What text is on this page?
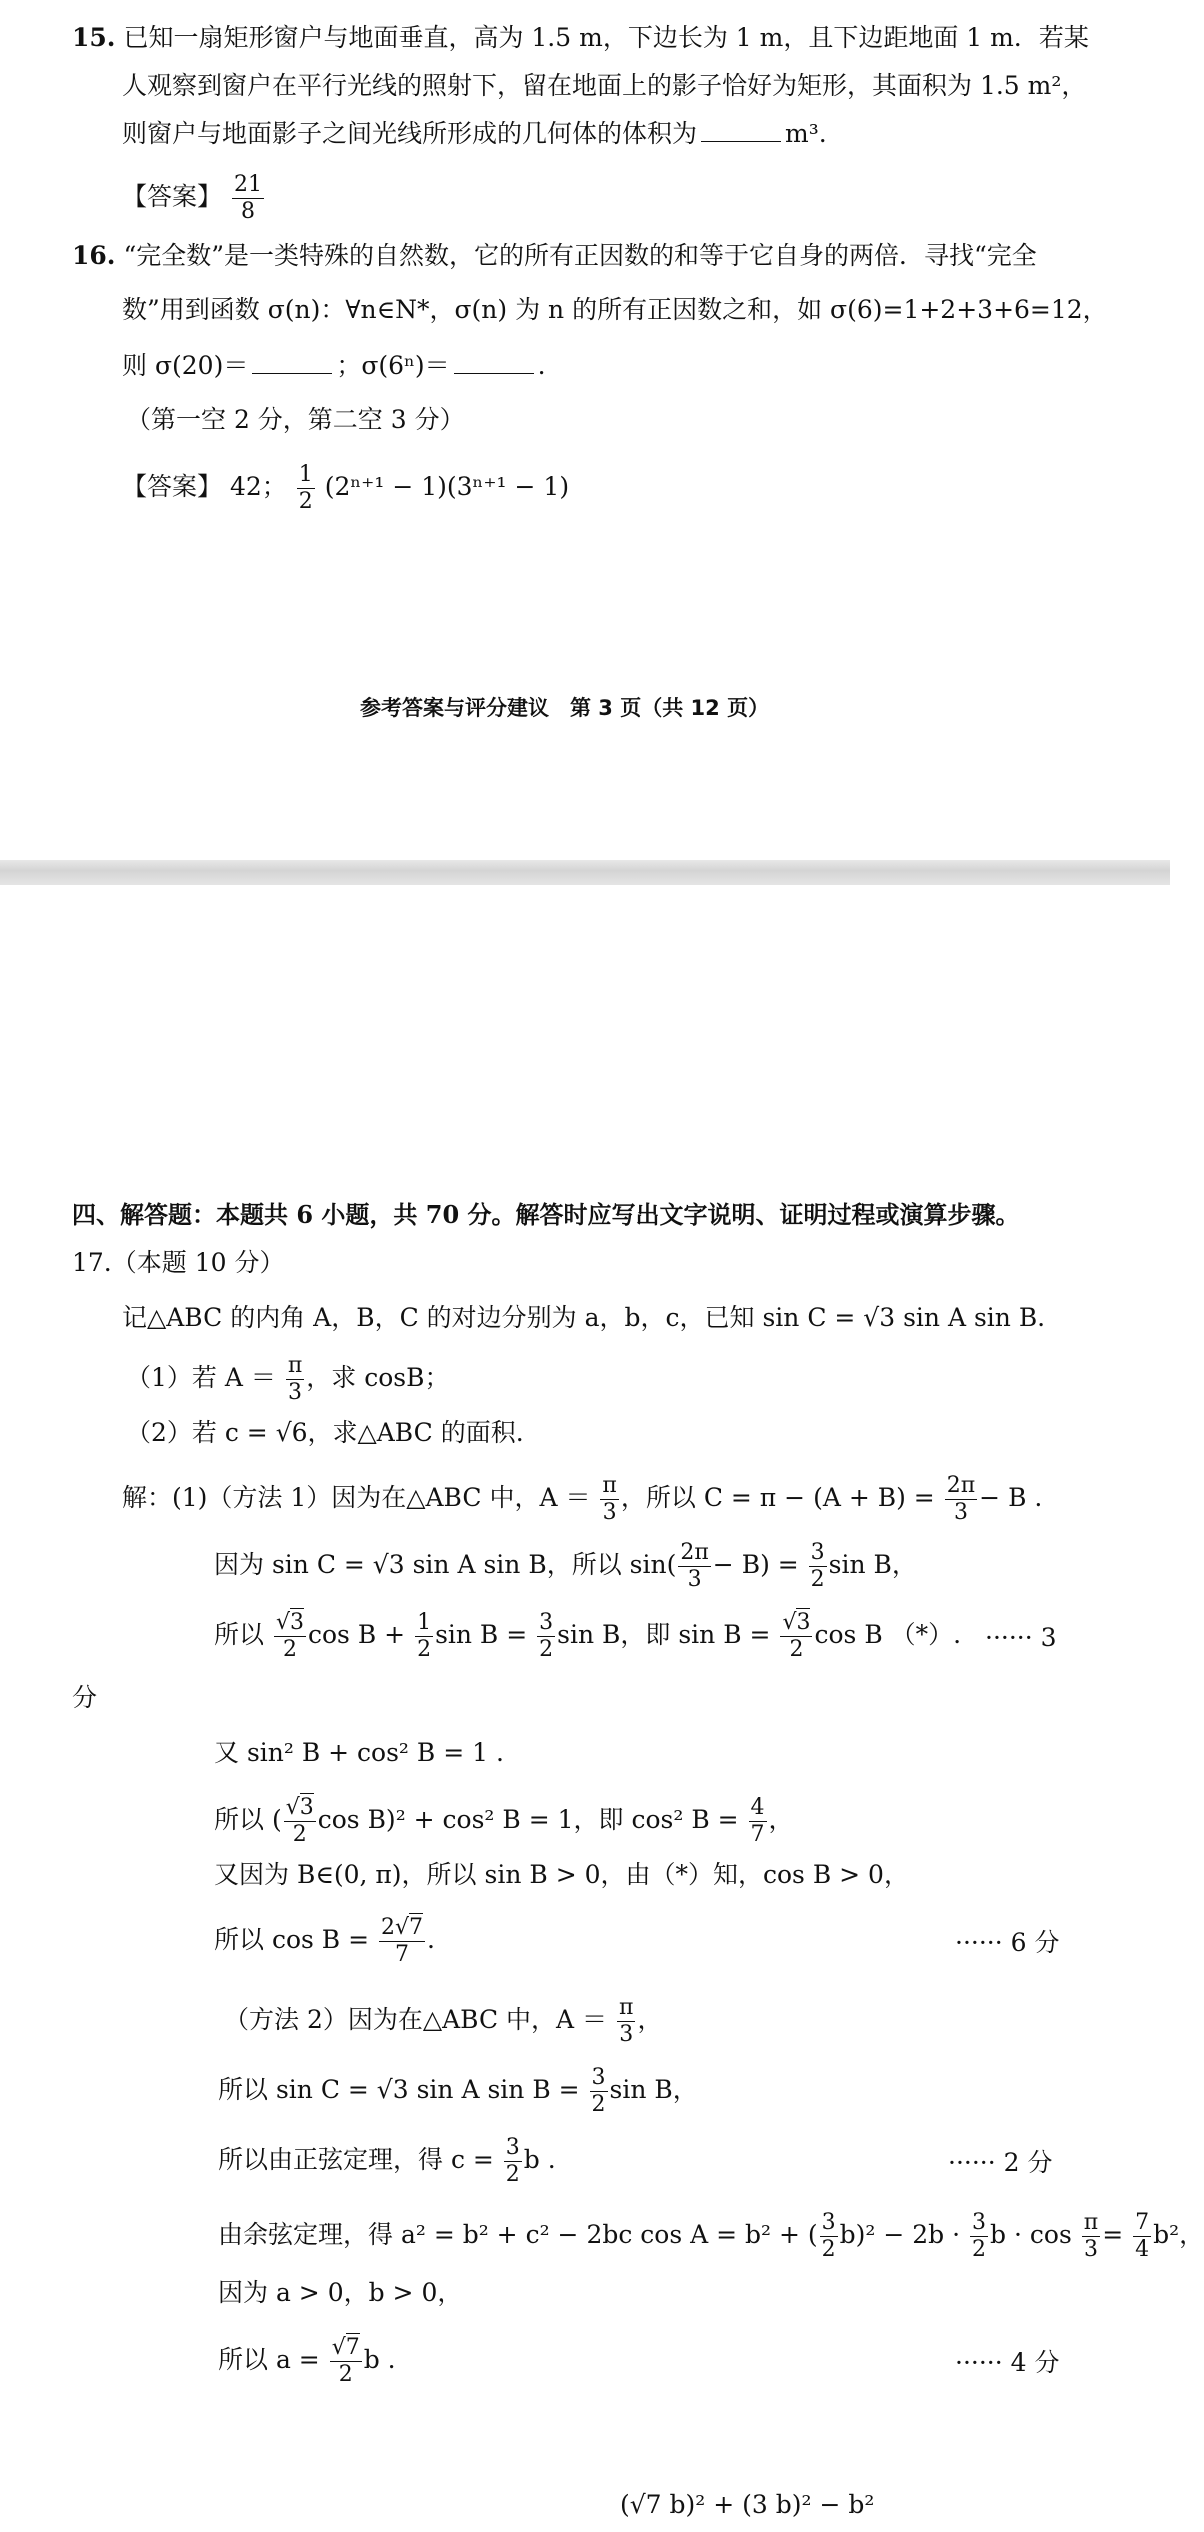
15. 已知一扇矩形窗户与地面垂直，高为 1.5 m，下边长为 1 m，且下边距地面 1 m．若某
人观察到窗户在平行光线的照射下，留在地面上的影子恰好为矩形，其面积为 1.5 m²，
则窗户与地面影子之间光线所形成的几何体的体积为	m³.
【答案】 $\frac{21}{8}$
16. “完全数”是一类特殊的自然数，它的所有正因数的和等于它自身的两倍．寻找“完全
数”用到函数 σ(n)：∀n∈N*，σ(n) 为 n 的所有正因数之和，如 σ(6)=1+2+3+6=12，
则 σ(20)＝	；σ(6ⁿ)＝	.
（第一空 2 分，第二空 3 分）
【答案】 42； $\frac{1}{2} (2^{n+1} - 1)(3^{n+1} - 1)$
参考答案与评分建议　第 3 页（共 12 页）
四、解答题：本题共 6 小题，共 70 分。解答时应写出文字说明、证明过程或演算步骤。
17.（本题 10 分）
记△ABC 的内角 A，B，C 的对边分别为 a，b，c，已知 sin C = √3 sin A sin B.
（1）若 $A = \frac{\pi}{3}$ ，求 cosB；
（2）若 c = √6，求△ABC 的面积.
解：(1)（方法 1）因为在△ABC 中，$A = \frac{\pi}{3}$ ，所以 $C = \pi - (A + B) = \frac{2\pi}{3} - B$ .
因为 sin C = √3 sin A sin B，所以 $\sin( \frac{2\pi}{3} - B) = \frac{3}{2}$ sin B，
所以 $\frac{√3}{2}$ $\cos B + \frac{1}{2}$ $\sin B = \frac{3}{2}$ sin B，即 $\sin B = \frac{√3}{2}$ cos B （*）. ······ 3
分
又 sin² B + cos² B = 1 .
所以 ( $\frac{√3}{2}$ cos B)² + cos² B = 1，即 cos² $B = \frac{4}{7}$ ，
又因为 B∈(0, π)，所以 sin B > 0，由（*）知，cos B > 0，
所以 $\cos B = \frac{2√7}{7}$ .	······ 6 分
（方法 2）因为在△ABC 中，$A = \frac{\pi}{3}$ ，
所以 sin C = √3 sin A $\sin B = \frac{3}{2}$ sin B，
所以由正弦定理，得 $c = \frac{3}{2}$ b .	······ 2 分
由余弦定理，得 a² = b² + c² − 2bc cos A = b² + ( $\frac{3}{2} b)^2 - 2b \cdot \frac{3}{2}$ $b \cdot \cos \frac{\pi}{3} = \frac{7}{4} b^2$，
因为 a > 0，b > 0，
所以 $a = \frac{√7}{2}$ b .	······ 4 分
(√7 b)² + (3 b)² − b²
